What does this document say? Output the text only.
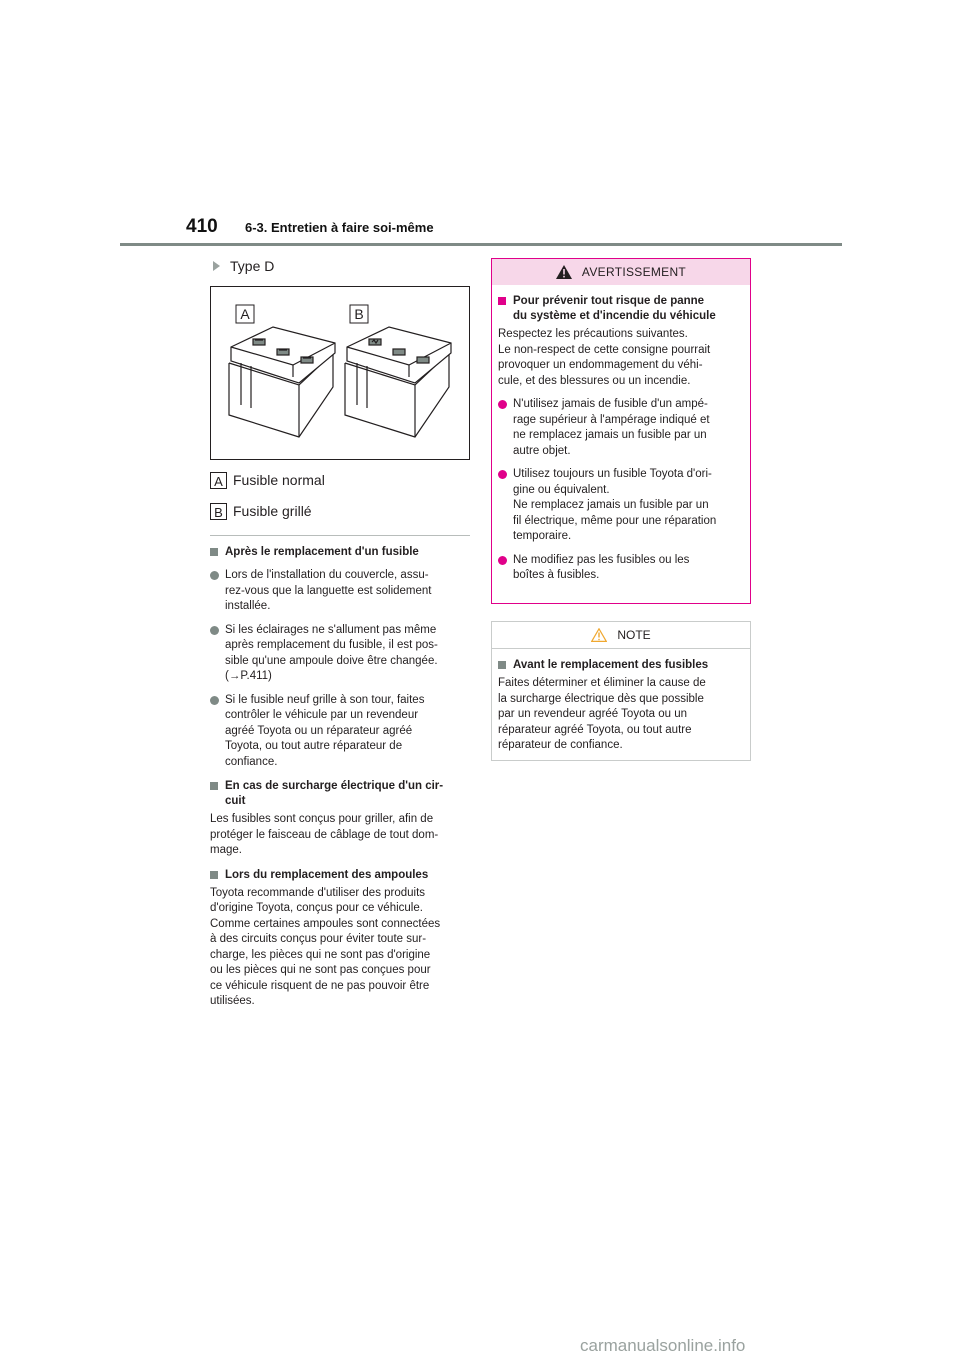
410 6-3. Entretien à faire soi-même
Type D
A	B
A Fusible normal
B Fusible grillé
Après le remplacement d'un fusible
Lors de l'installation du couvercle, assu-
rez-vous que la languette est solidement
installée.
Si les éclairages ne s'allument pas même
après remplacement du fusible, il est pos-
sible qu'une ampoule doive être changée.
(→P.411)
Si le fusible neuf grille à son tour, faites
contrôler le véhicule par un revendeur
agréé Toyota ou un réparateur agréé
Toyota, ou tout autre réparateur de
confiance.
En cas de surcharge électrique d'un cir-
cuit
Les fusibles sont conçus pour griller, afin de
protéger le faisceau de câblage de tout dom-
mage.
Lors du remplacement des ampoules
Toyota recommande d'utiliser des produits
d'origine Toyota, conçus pour ce véhicule.
Comme certaines ampoules sont connectées
à des circuits conçus pour éviter toute sur-
charge, les pièces qui ne sont pas d'origine
ou les pièces qui ne sont pas conçues pour
ce véhicule risquent de ne pas pouvoir être
utilisées.
AVERTISSEMENT
Pour prévenir tout risque de panne
du système et d'incendie du véhicule
Respectez les précautions suivantes.
Le non-respect de cette consigne pourrait
provoquer un endommagement du véhi-
cule, et des blessures ou un incendie.
N'utilisez jamais de fusible d'un ampé-
rage supérieur à l'ampérage indiqué et
ne remplacez jamais un fusible par un
autre objet.
Utilisez toujours un fusible Toyota d'ori-
gine ou équivalent.
Ne remplacez jamais un fusible par un
fil électrique, même pour une réparation
temporaire.
Ne modifiez pas les fusibles ou les
boîtes à fusibles.
NOTE
Avant le remplacement des fusibles
Faites déterminer et éliminer la cause de
la surcharge électrique dès que possible
par un revendeur agréé Toyota ou un
réparateur agréé Toyota, ou tout autre
réparateur de confiance.
carmanualsonline.info
